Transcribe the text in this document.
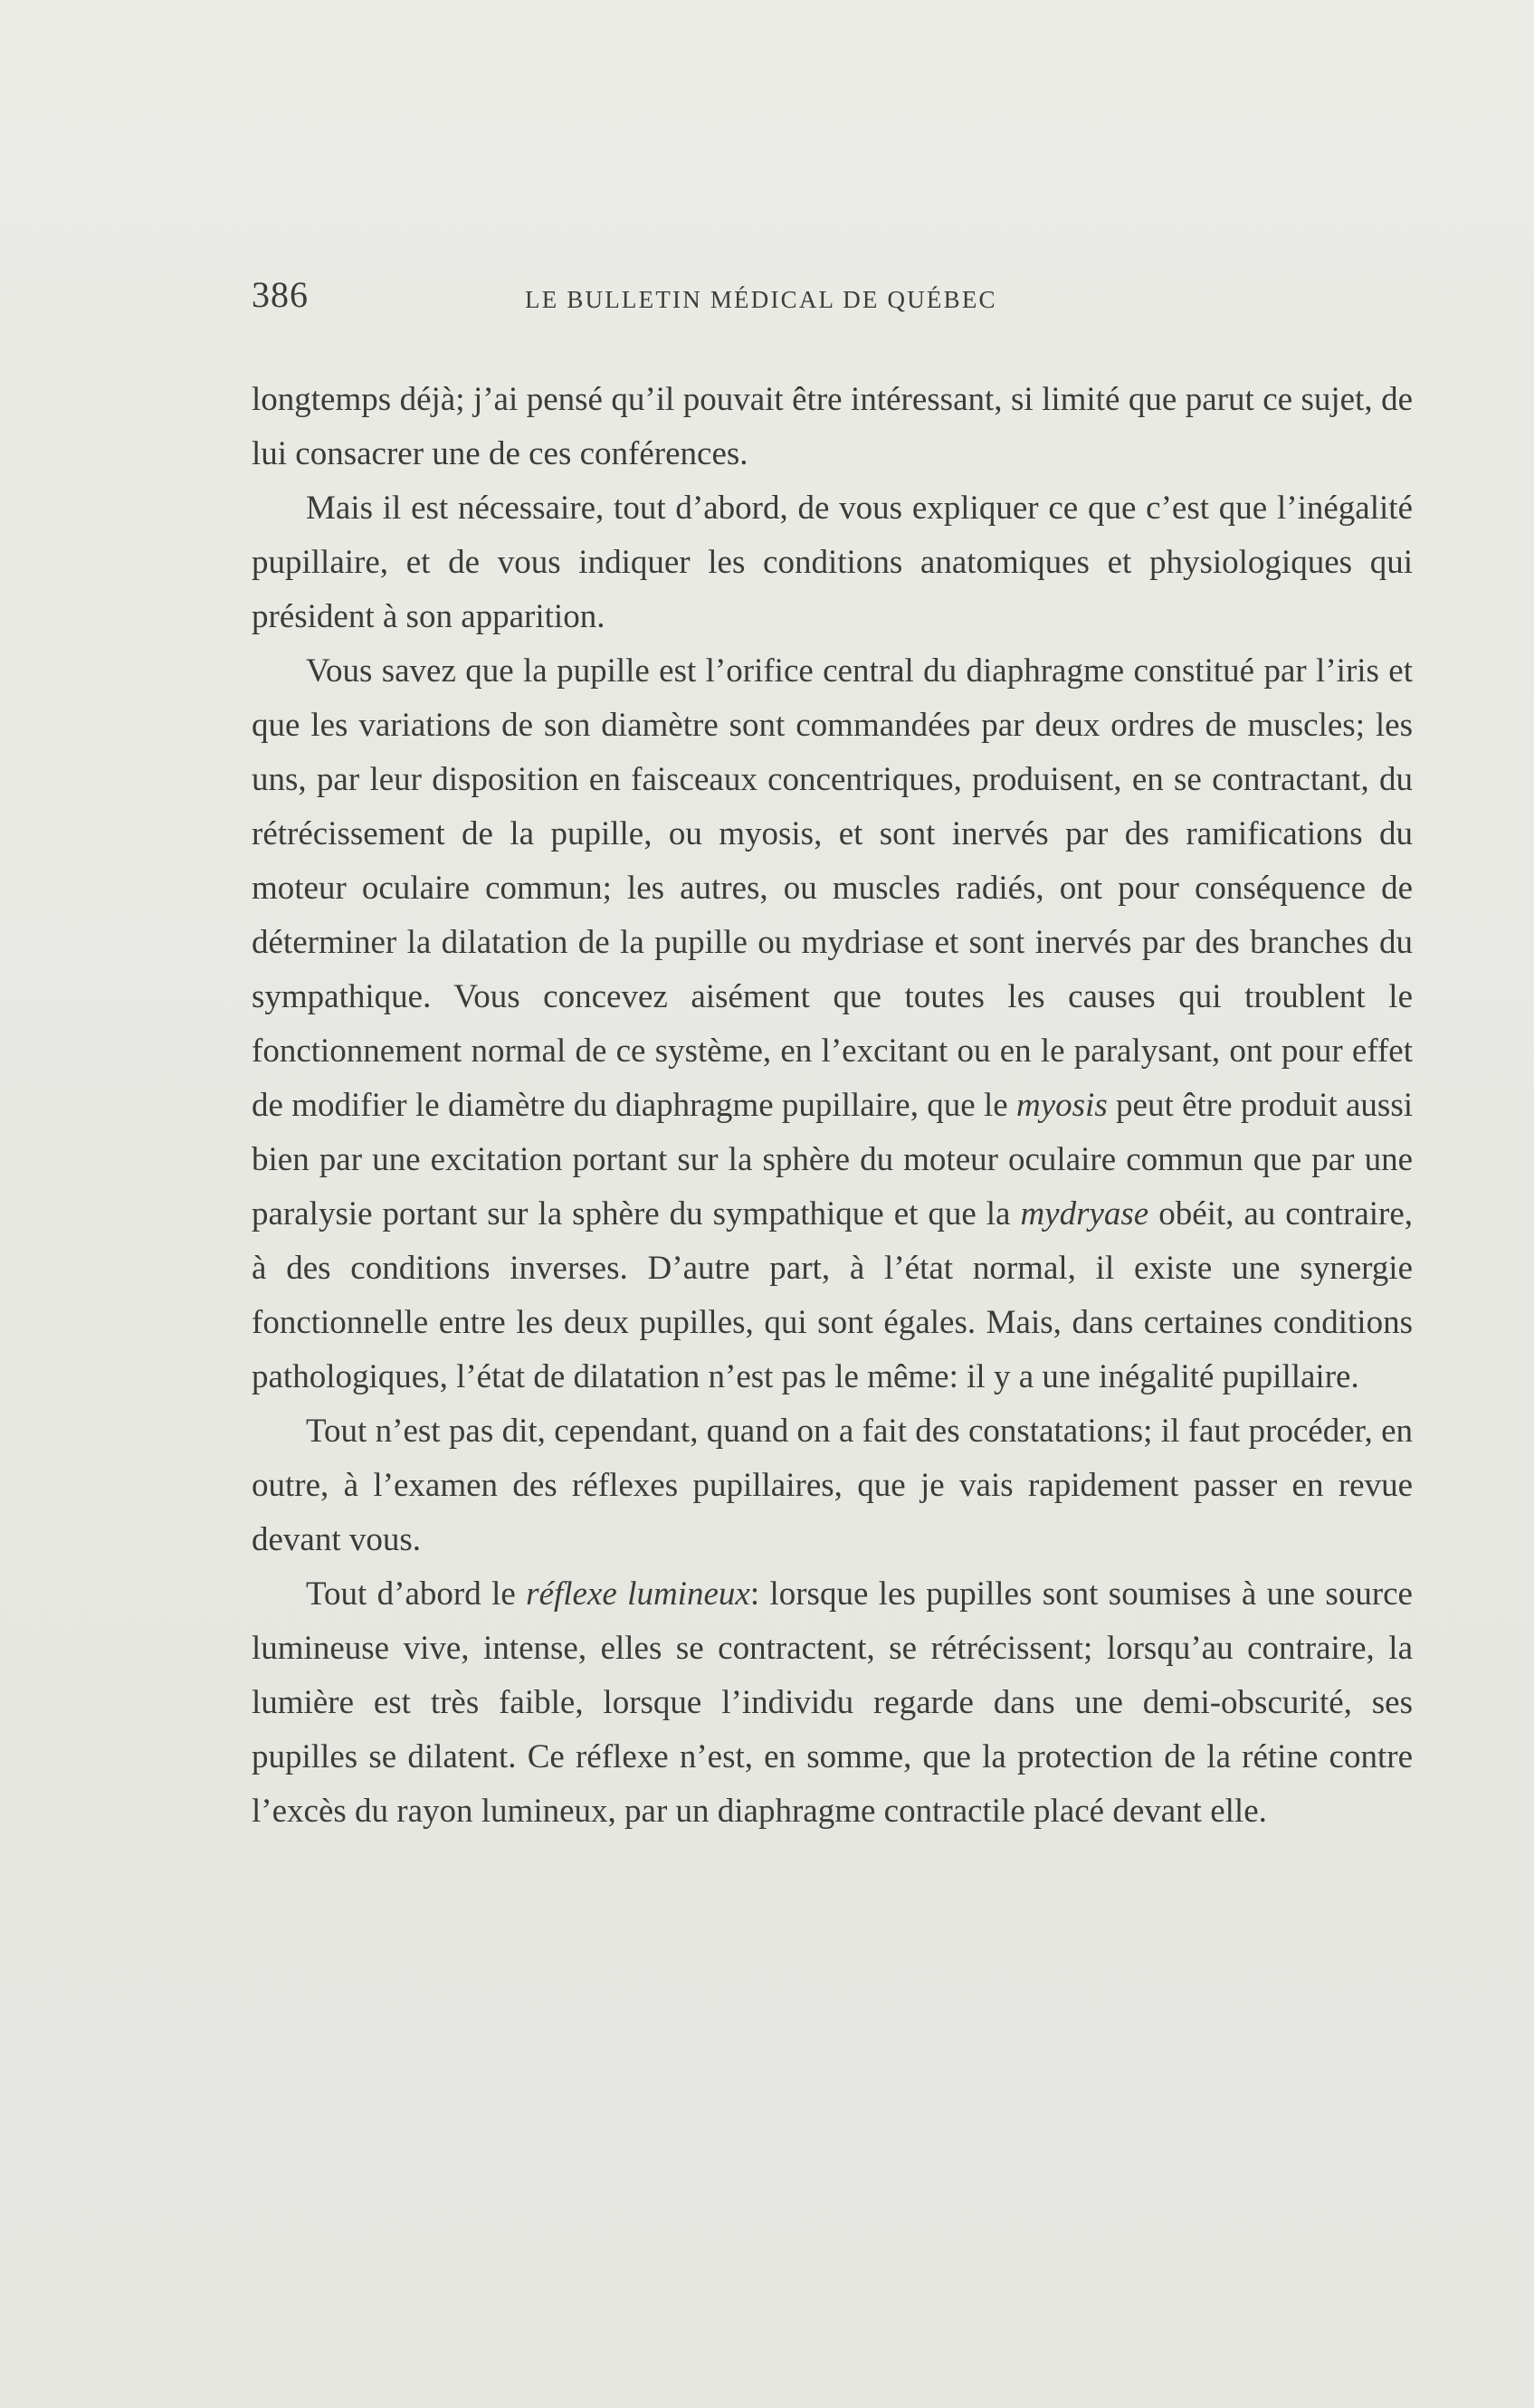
386	LE BULLETIN MÉDICAL DE QUÉBEC

longtemps déjà; j’ai pensé qu’il pouvait être intéressant, si limité que parut ce sujet, de lui consacrer une de ces conférences.

Mais il est nécessaire, tout d’abord, de vous expliquer ce que c’est que l’inégalité pupillaire, et de vous indiquer les conditions anatomiques et physiologiques qui président à son apparition.

Vous savez que la pupille est l’orifice central du diaphragme constitué par l’iris et que les variations de son diamètre sont commandées par deux ordres de muscles; les uns, par leur disposition en faisceaux concentriques, produisent, en se contractant, du rétrécissement de la pupille, ou myosis, et sont inervés par des ramifications du moteur oculaire commun; les autres, ou muscles radiés, ont pour conséquence de déterminer la dilatation de la pupille ou mydriase et sont inervés par des branches du sympathique. Vous concevez aisément que toutes les causes qui troublent le fonctionnement normal de ce système, en l’excitant ou en le paralysant, ont pour effet de modifier le diamètre du diaphragme pupillaire, que le myosis peut être produit aussi bien par une excitation portant sur la sphère du moteur oculaire commun que par une paralysie portant sur la sphère du sympathique et que la mydryase obéit, au contraire, à des conditions inverses. D’autre part, à l’état normal, il existe une synergie fonctionnelle entre les deux pupilles, qui sont égales. Mais, dans certaines conditions pathologiques, l’état de dilatation n’est pas le même: il y a une inégalité pupillaire.

Tout n’est pas dit, cependant, quand on a fait des constatations; il faut procéder, en outre, à l’examen des réflexes pupillaires, que je vais rapidement passer en revue devant vous.

Tout d’abord le réflexe lumineux: lorsque les pupilles sont soumises à une source lumineuse vive, intense, elles se contractent, se rétrécissent; lorsqu’au contraire, la lumière est très faible, lorsque l’individu regarde dans une demi-obscurité, ses pupilles se dilatent. Ce réflexe n’est, en somme, que la protection de la rétine contre l’excès du rayon lumineux, par un diaphragme contractile placé devant elle.
